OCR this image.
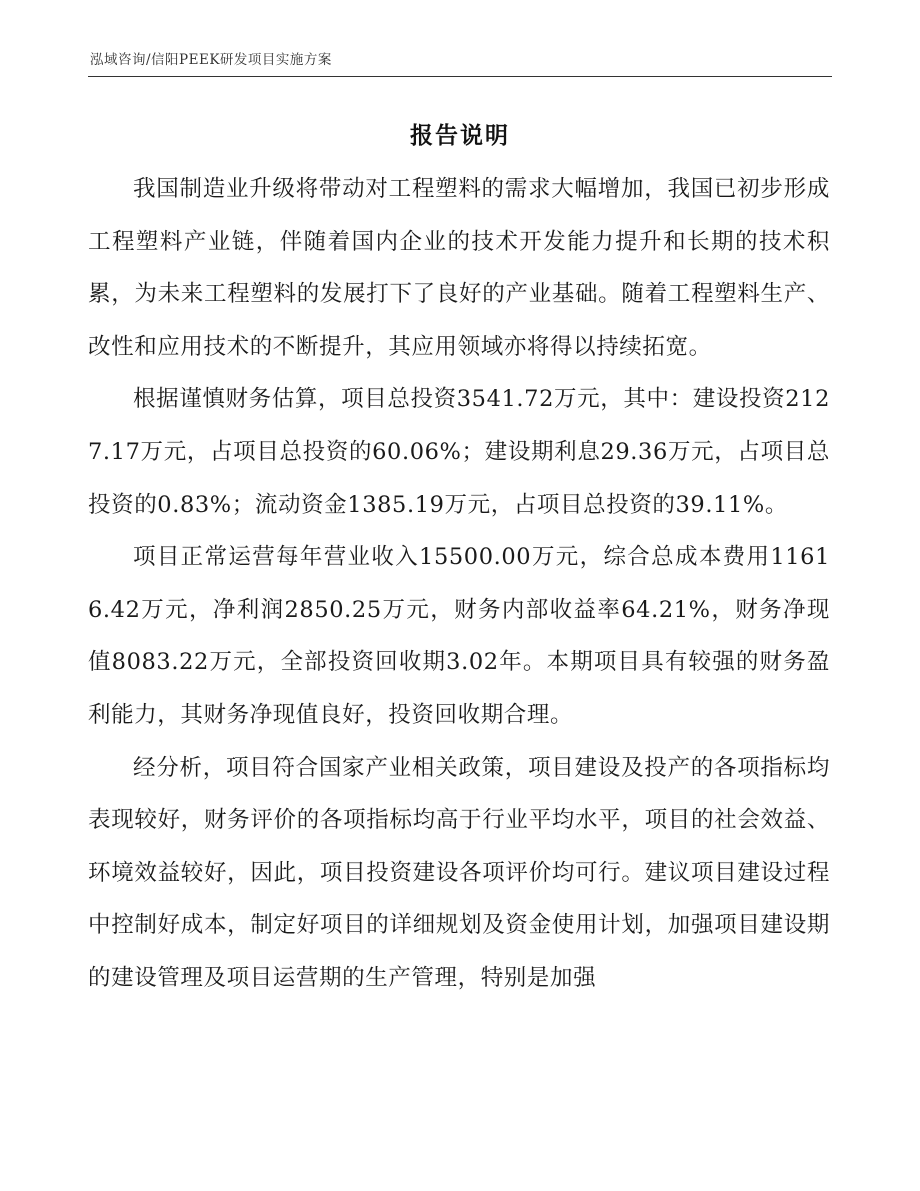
泓域咨询/信阳PEEK研发项目实施方案
报告说明

我国制造业升级将带动对工程塑料的需求大幅增加，我国已初步形成工程塑料产业链，伴随着国内企业的技术开发能力提升和长期的技术积累，为未来工程塑料的发展打下了良好的产业基础。随着工程塑料生产、改性和应用技术的不断提升，其应用领域亦将得以持续拓宽。

根据谨慎财务估算，项目总投资3541.72万元，其中：建设投资2127.17万元，占项目总投资的60.06%；建设期利息29.36万元，占项目总投资的0.83%；流动资金1385.19万元，占项目总投资的39.11%。

项目正常运营每年营业收入15500.00万元，综合总成本费用11616.42万元，净利润2850.25万元，财务内部收益率64.21%，财务净现值8083.22万元，全部投资回收期3.02年。本期项目具有较强的财务盈利能力，其财务净现值良好，投资回收期合理。

经分析，项目符合国家产业相关政策，项目建设及投产的各项指标均表现较好，财务评价的各项指标均高于行业平均水平，项目的社会效益、环境效益较好，因此，项目投资建设各项评价均可行。建议项目建设过程中控制好成本，制定好项目的详细规划及资金使用计划，加强项目建设期的建设管理及项目运营期的生产管理，特别是加强
